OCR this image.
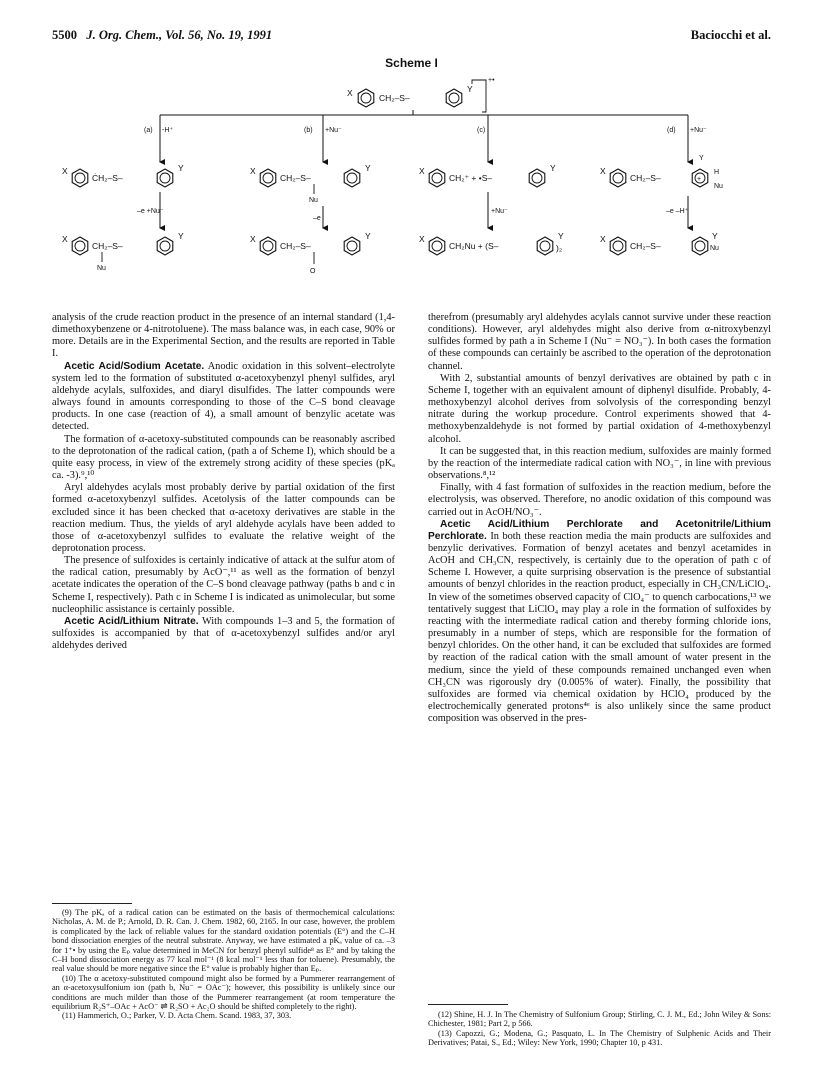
5500 J. Org. Chem., Vol. 56, No. 19, 1991	Baciocchi et al.
Scheme I
X	CH₂–S–
Y
+•
(a) -H⁺	(b) +Nu⁻	(c)	(d) +Nu⁻
X
ĊH₂–S–
Y	X
CH₂–S–
Y
Nu
X
CH₂⁺ + •S–
Y	X
CH₂–S–
Y
H
Nu
+
–e +Nu⁻
–e
+Nu⁻	–e –H⁺
X
CH₂–S–
Y
Nu
X
CH₂–S–
Y
O
X
CH₂Nu + (S–
Y
)₂
X
CH₂–S–
Y
Nu

analysis of the crude reaction product in the presence of an internal standard (1,4-dimethoxybenzene or 4-nitrotoluene). The mass balance was, in each case, 90% or more. Details are in the Experimental Section, and the results are reported in Table I.

Acetic Acid/Sodium Acetate. Anodic oxidation in this solvent–electrolyte system led to the formation of substituted α-acetoxybenzyl phenyl sulfides, aryl aldehyde acylals, sulfoxides, and diaryl disulfides. The latter compounds were always found in amounts corresponding to those of the C–S bond cleavage products. In one case (reaction of 4), a small amount of benzylic acetate was detected.

The formation of α-acetoxy-substituted compounds can be reasonably ascribed to the deprotonation of the radical cation, (path a of Scheme I), which should be a quite easy process, in view of the extremely strong acidity of these species (pKₐ ca. -3).⁹,¹⁰

Aryl aldehydes acylals most probably derive by partial oxidation of the first formed α-acetoxybenzyl sulfides. Acetolysis of the latter compounds can be excluded since it has been checked that α-acetoxy derivatives are stable in the reaction medium. Thus, the yields of aryl aldehyde acylals have been added to those of α-acetoxybenzyl sulfides to evaluate the relative weight of the deprotonation process.

The presence of sulfoxides is certainly indicative of attack at the sulfur atom of the radical cation, presumably by AcO⁻,¹¹ as well as the formation of benzyl acetate indicates the operation of the C–S bond cleavage pathway (paths b and c in Scheme I, respectively). Path c in Scheme I is indicated as unimolecular, but some nucleophilic assistance is certainly possible.

Acetic Acid/Lithium Nitrate. With compounds 1–3 and 5, the formation of sulfoxides is accompanied by that of α-acetoxybenzyl sulfides and/or aryl aldehydes derived

(9) The pKₐ of a radical cation can be estimated on the basis of thermochemical calculations: Nicholas, A. M. de P.; Arnold, D. R. Can. J. Chem. 1982, 60, 2165. In our case, however, the problem is complicated by the lack of reliable values for the standard oxidation potentials (E°) and the C–H bond dissociation energies of the neutral substrate. Anyway, we have estimated a pKₐ value of ca. –3 for 1⁺• by using the Eₚ value determined in MeCN for benzyl phenyl sulfide⁸ as E° and by taking the C–H bond dissociation energy as 77 kcal mol⁻¹ (8 kcal mol⁻¹ less than for toluene). Presumably, the real value should be more negative since the E° value is probably higher than Eₚ.

(10) The α acetoxy-substituted compound might also be formed by a Pummerer rearrangement of an α-acetoxysulfonium ion (path b, Nu⁻ = OAc⁻); however, this possibility is unlikely since our conditions are much milder than those of the Pummerer rearrangement (at room temperature the equilibrium R₂S⁺–OAc + AcO⁻ ⇌ R₂SO + Ac₂O should be shifted completely to the right).

(11) Hammerich, O.; Parker, V. D. Acta Chem. Scand. 1983, 37, 303.

therefrom (presumably aryl aldehydes acylals cannot survive under these reaction conditions). However, aryl aldehydes might also derive from α-nitroxybenzyl sulfides formed by path a in Scheme I (Nu⁻ = NO₃⁻). In both cases the formation of these compounds can certainly be ascribed to the operation of the deprotonation channel.

With 2, substantial amounts of benzyl derivatives are obtained by path c in Scheme I, together with an equivalent amount of diphenyl disulfide. Probably, 4-methoxybenzyl alcohol derives from solvolysis of the corresponding benzyl nitrate during the workup procedure. Control experiments showed that 4-methoxybenzaldehyde is not formed by partial oxidation of 4-methoxybenzyl alcohol.

It can be suggested that, in this reaction medium, sulfoxides are mainly formed by the reaction of the intermediate radical cation with NO₃⁻, in line with previous observations.⁸,¹²

Finally, with 4 fast formation of sulfoxides in the reaction medium, before the electrolysis, was observed. Therefore, no anodic oxidation of this compound was carried out in AcOH/NO₃⁻.

Acetic Acid/Lithium Perchlorate and Acetonitrile/Lithium Perchlorate. In both these reaction media the main products are sulfoxides and benzylic derivatives. Formation of benzyl acetates and benzyl acetamides in AcOH and CH₃CN, respectively, is certainly due to the operation of path c of Scheme I. However, a quite surprising observation is the presence of substantial amounts of benzyl chlorides in the reaction product, especially in CH₃CN/LiClO₄. In view of the sometimes observed capacity of ClO₄⁻ to quench carbocations,¹³ we tentatively suggest that LiClO₄ may play a role in the formation of sulfoxides by reacting with the intermediate radical cation and thereby forming chloride ions, presumably in a number of steps, which are responsible for the formation of benzyl chlorides. On the other hand, it can be excluded that sulfoxides are formed by reaction of the radical cation with the small amount of water present in the medium, since the yield of these compounds remained unchanged even when CH₃CN was rigorously dry (0.005% of water). Finally, the possibility that sulfoxides are formed via chemical oxidation by HClO₄ produced by the electrochemically generated protons⁴ᵉ is also unlikely since the same product composition was observed in the pres-

(12) Shine, H. J. In The Chemistry of Sulfonium Group; Stirling, C. J. M., Ed.; John Wiley & Sons: Chichester, 1981; Part 2, p 566.

(13) Capozzi, G.; Modena, G.; Pasquato, L. In The Chemistry of Sulphenic Acids and Their Derivatives; Patai, S., Ed.; Wiley: New York, 1990; Chapter 10, p 431.
